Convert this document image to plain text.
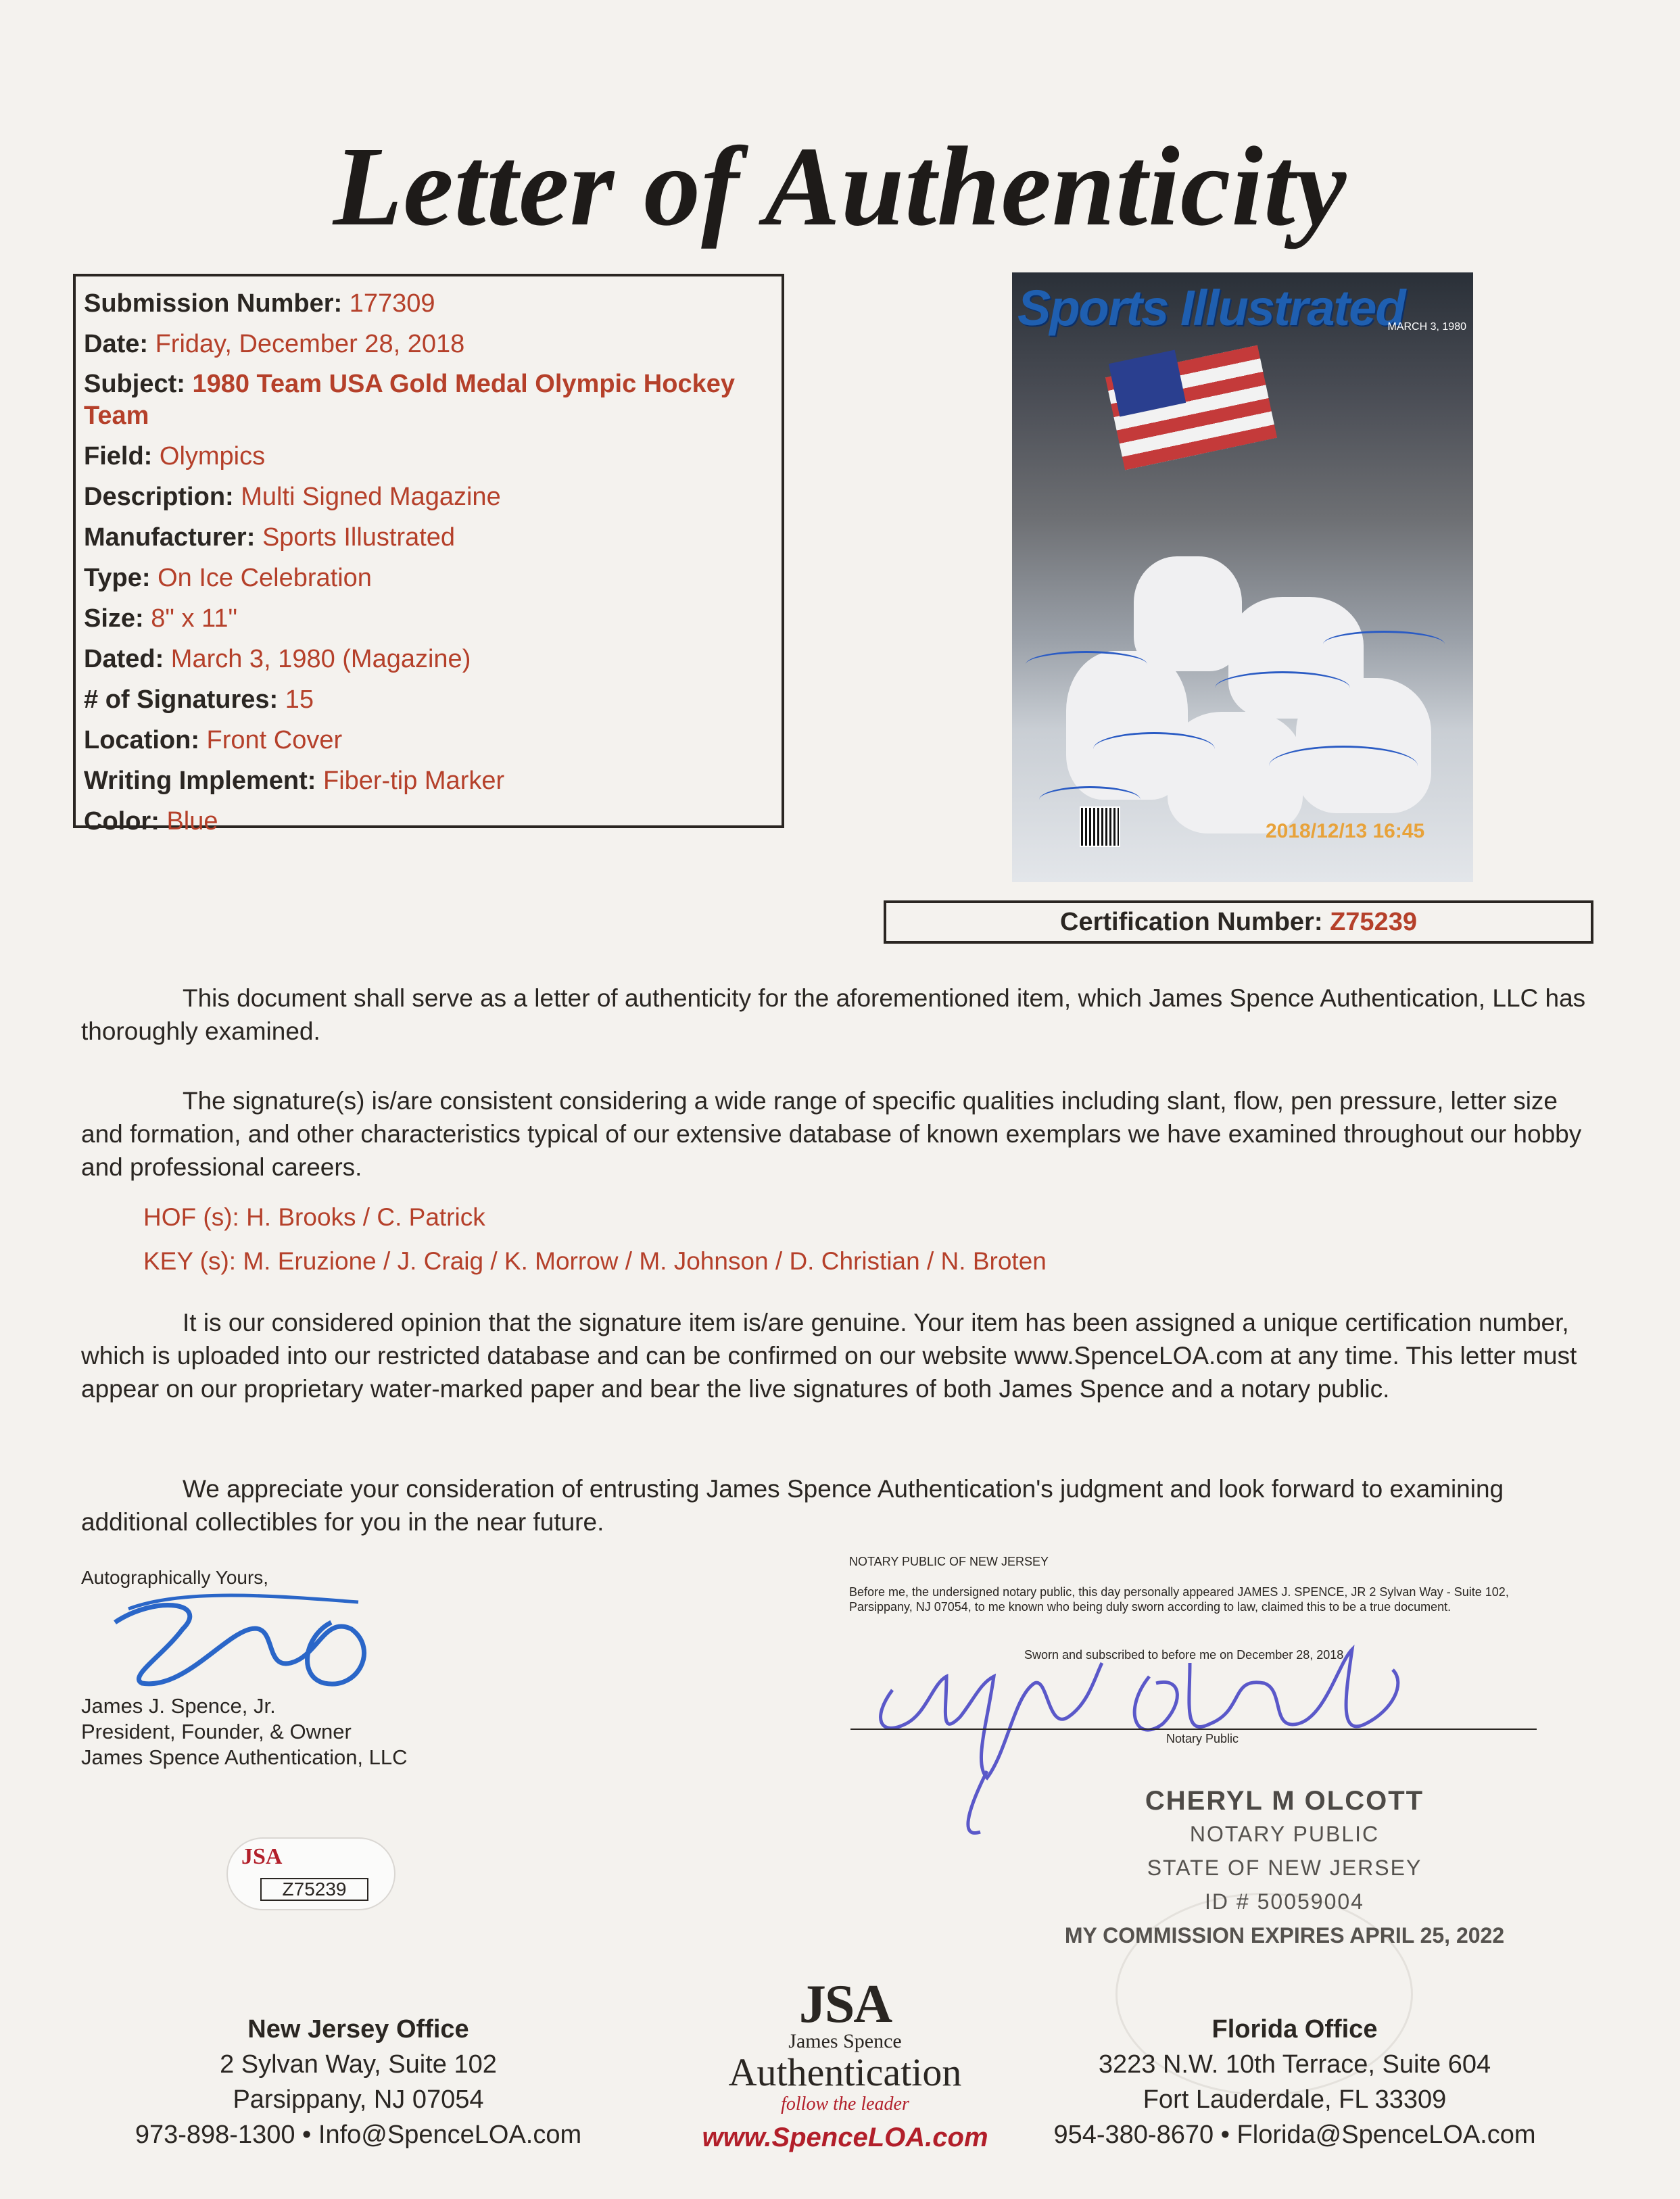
Letter of Authenticity
Submission Number: 177309
Date: Friday, December 28, 2018
Subject: 1980 Team USA Gold Medal Olympic Hockey Team
Field: Olympics
Description: Multi Signed Magazine
Manufacturer: Sports Illustrated
Type: On Ice Celebration
Size: 8" x 11"
Dated: March 3, 1980 (Magazine)
# of Signatures: 15
Location: Front Cover
Writing Implement: Fiber-tip Marker
Color: Blue
Sports Illustrated
MARCH 3, 1980
2018/12/13 16:45
Certification Number: Z75239
This document shall serve as a letter of authenticity for the aforementioned item, which James Spence Authentication, LLC has thoroughly examined.
The signature(s) is/are consistent considering a wide range of specific qualities including slant, flow, pen pressure, letter size and formation, and other characteristics typical of our extensive database of known exemplars we have examined throughout our hobby and professional careers.
HOF (s): H. Brooks / C. Patrick
KEY (s): M. Eruzione / J. Craig / K. Morrow / M. Johnson / D. Christian / N. Broten
It is our considered opinion that the signature item is/are genuine. Your item has been assigned a unique certification number, which is uploaded into our restricted database and can be confirmed on our website www.SpenceLOA.com at any time. This letter must appear on our proprietary water-marked paper and bear the live signatures of both James Spence and a notary public.
We appreciate your consideration of entrusting James Spence Authentication's judgment and look forward to examining additional collectibles for you in the near future.
Autographically Yours,
James J. Spence, Jr.
President, Founder, & Owner
James Spence Authentication, LLC
NOTARY PUBLIC OF NEW JERSEY
Before me, the undersigned notary public, this day personally appeared JAMES J. SPENCE, JR 2 Sylvan Way - Suite 102, Parsippany, NJ 07054, to me known who being duly sworn according to law, claimed this to be a true document.
Sworn and subscribed to before me on December 28, 2018
Notary Public
CHERYL M OLCOTT
NOTARY PUBLIC
STATE OF NEW JERSEY
ID # 50059004
MY COMMISSION EXPIRES APRIL 25, 2022
JSA
Z75239
New Jersey Office
2 Sylvan Way, Suite 102
Parsippany, NJ 07054
973-898-1300 • Info@SpenceLOA.com
JSA
James Spence
Authentication
follow the leader
www.SpenceLOA.com
Florida Office
3223 N.W. 10th Terrace, Suite 604
Fort Lauderdale, FL 33309
954-380-8670 • Florida@SpenceLOA.com
